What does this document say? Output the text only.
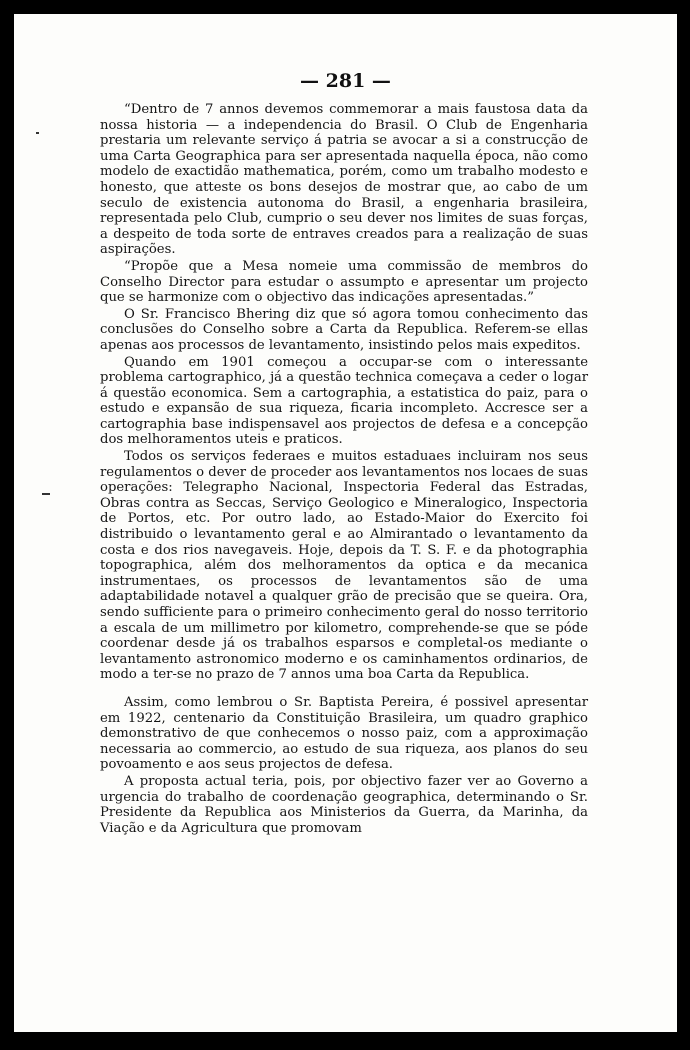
— 281 —

“Dentro de 7 annos devemos commemorar a mais faustosa data da nossa historia — a independencia do Brasil. O Club de Engenharia prestaria um relevante serviço á patria se avocar a si a construcção de uma Carta Geographica para ser apresentada naquella época, não como modelo de exactidão mathematica, porém, como um trabalho modesto e honesto, que atteste os bons desejos de mostrar que, ao cabo de um seculo de existencia autonoma do Brasil, a engenharia brasileira, representada pelo Club, cumprio o seu dever nos limites de suas forças, a despeito de toda sorte de entraves creados para a realização de suas aspirações.

“Propõe que a Mesa nomeie uma commissão de membros do Conselho Director para estudar o assumpto e apresentar um projecto que se harmonize com o objectivo das indicações apresentadas.”

O Sr. Francisco Bhering diz que só agora tomou conhecimento das conclusões do Conselho sobre a Carta da Republica. Referem-se ellas apenas aos processos de levantamento, insistindo pelos mais expeditos.

Quando em 1901 começou a occupar-se com o interessante problema cartographico, já a questão technica começava a ceder o logar á questão economica. Sem a cartographia, a estatistica do paiz, para o estudo e expansão de sua riqueza, ficaria incompleto. Accresce ser a cartographia base indispensavel aos projectos de defesa e a concepção dos melhoramentos uteis e praticos.

Todos os serviços federaes e muitos estaduaes incluiram nos seus regulamentos o dever de proceder aos levantamentos nos locaes de suas operações: Telegrapho Nacional, Inspectoria Federal das Estradas, Obras contra as Seccas, Serviço Geologico e Mineralogico, Inspectoria de Portos, etc. Por outro lado, ao Estado-Maior do Exercito foi distribuido o levantamento geral e ao Almirantado o levantamento da costa e dos rios navegaveis. Hoje, depois da T. S. F. e da photographia topographica, além dos melhoramentos da optica e da mecanica instrumentaes, os processos de levantamentos são de uma adaptabilidade notavel a qualquer grão de precisão que se queira. Ora, sendo sufficiente para o primeiro conhecimento geral do nosso territorio a escala de um millimetro por kilometro, comprehende-se que se póde coordenar desde já os trabalhos esparsos e completal-os mediante o levantamento astronomico moderno e os caminhamentos ordinarios, de modo a ter-se no prazo de 7 annos uma boa Carta da Republica.

Assim, como lembrou o Sr. Baptista Pereira, é possivel apresentar em 1922, centenario da Constituição Brasileira, um quadro graphico demonstrativo de que conhecemos o nosso paiz, com a approximação necessaria ao commercio, ao estudo de sua riqueza, aos planos do seu povoamento e aos seus projectos de defesa.

A proposta actual teria, pois, por objectivo fazer ver ao Governo a urgencia do trabalho de coordenação geographica, determinando o Sr. Presidente da Republica aos Ministerios da Guerra, da Marinha, da Viação e da Agricultura que promovam
